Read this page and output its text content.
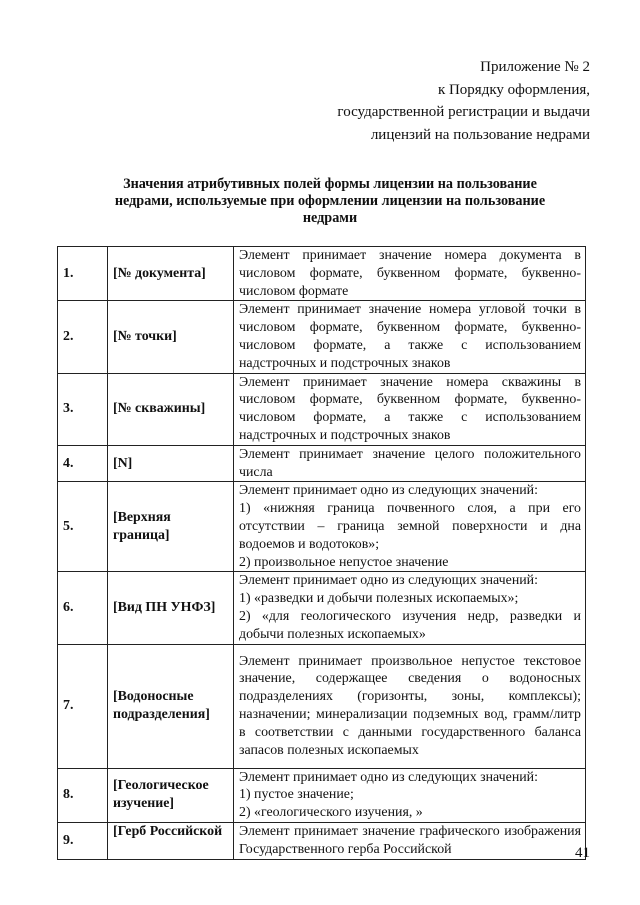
Приложение № 2
к Порядку оформления,
государственной регистрации и выдачи
лицензий на пользование недрами
Значения атрибутивных полей формы лицензии на пользование
недрами, используемые при оформлении лицензии на пользование
недрами
1.	[№ документа]	Элемент принимает значение номера документа в числовом формате, буквенном формате, буквенно-числовом формате

2.	[№ точки]	Элемент принимает значение номера угловой точки в числовом формате, буквенном формате, буквенно-числовом формате, а также с использованием надстрочных и подстрочных знаков

3.	[№ скважины]	Элемент принимает значение номера скважины в числовом формате, буквенном формате, буквенно-числовом формате, а также с использованием надстрочных и подстрочных знаков

4.	[N]	Элемент принимает значение целого положительного числа

5.	[Верхняя граница]	Элемент принимает одно из следующих значений:

1) «нижняя граница почвенного слоя, а при его отсутствии – граница земной поверхности и дна водоемов и водотоков»;

2) произвольное непустое значение

6.	[Вид ПН УНФЗ]	Элемент принимает одно из следующих значений:

1) «разведки и добычи полезных ископаемых»;

2) «для геологического изучения недр, разведки и добычи полезных ископаемых»

7.	[Водоносные подразделения]	Элемент принимает произвольное непустое текстовое значение, содержащее сведения о водоносных подразделениях (горизонты, зоны, комплексы); назначении; минерализации подземных вод, грамм/литр в соответствии с данными государственного баланса запасов полезных ископаемых

8.	[Геологическое изучение]	Элемент принимает одно из следующих значений:

1) пустое значение;

2) «геологического изучения, »

9.	[Герб Российской	Элемент принимает значение графического изображения Государственного герба Российской	41
